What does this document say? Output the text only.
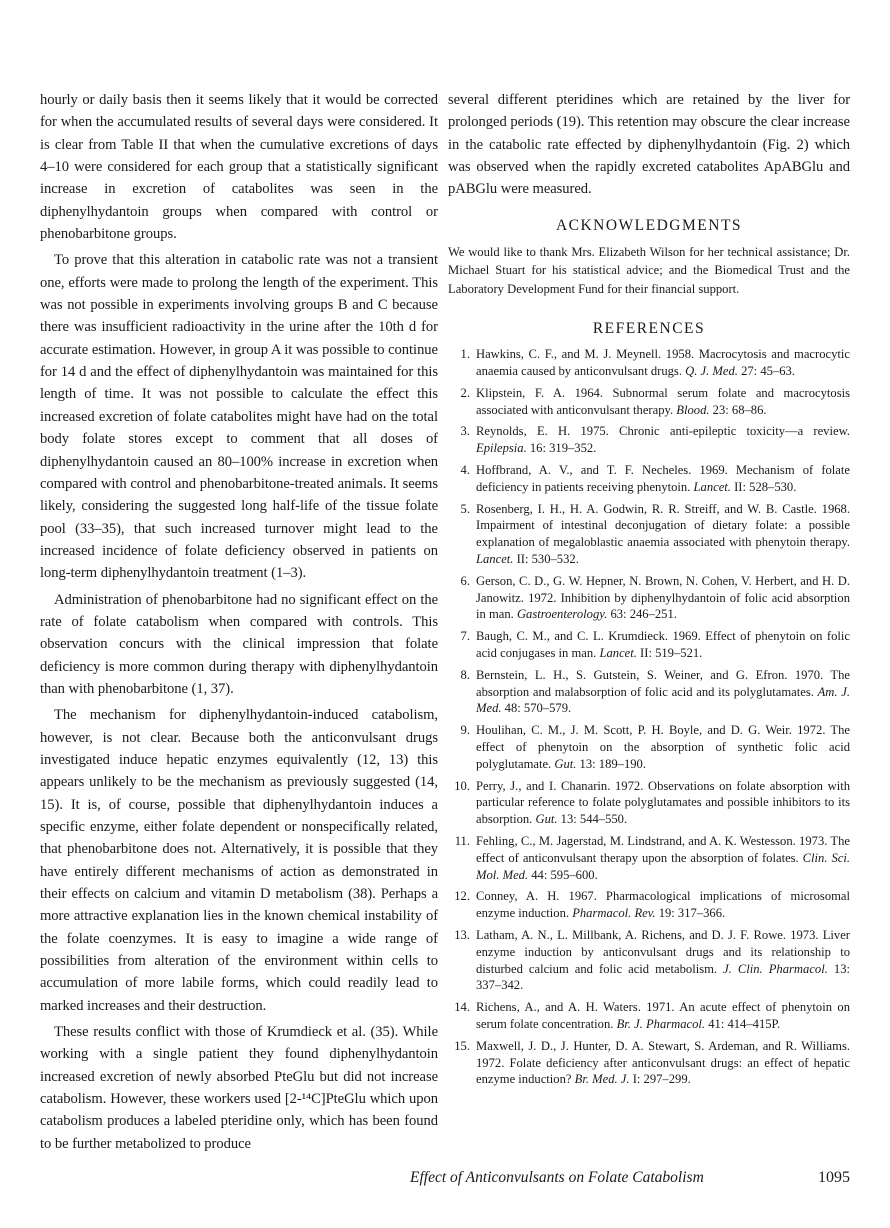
hourly or daily basis then it seems likely that it would be corrected for when the accumulated results of several days were considered. It is clear from Table II that when the cumulative excretions of days 4–10 were considered for each group that a statistically significant increase in excretion of catabolites was seen in the diphenylhydantoin groups when compared with control or phenobarbitone groups.

To prove that this alteration in catabolic rate was not a transient one, efforts were made to prolong the length of the experiment. This was not possible in experiments involving groups B and C because there was insufficient radioactivity in the urine after the 10th d for accurate estimation. However, in group A it was possible to continue for 14 d and the effect of diphenylhydantoin was maintained for this length of time. It was not possible to calculate the effect this increased excretion of folate catabolites might have had on the total body folate stores except to comment that all doses of diphenylhydantoin caused an 80–100% increase in excretion when compared with control and phenobarbitone-treated animals. It seems likely, considering the suggested long half-life of the tissue folate pool (33–35), that such increased turnover might lead to the increased incidence of folate deficiency observed in patients on long-term diphenylhydantoin treatment (1–3).

Administration of phenobarbitone had no significant effect on the rate of folate catabolism when compared with controls. This observation concurs with the clinical impression that folate deficiency is more common during therapy with diphenylhydantoin than with phenobarbitone (1, 37).

The mechanism for diphenylhydantoin-induced catabolism, however, is not clear. Because both the anticonvulsant drugs investigated induce hepatic enzymes equivalently (12, 13) this appears unlikely to be the mechanism as previously suggested (14, 15). It is, of course, possible that diphenylhydantoin induces a specific enzyme, either folate dependent or nonspecifically related, that phenobarbitone does not. Alternatively, it is possible that they have entirely different mechanisms of action as demonstrated in their effects on calcium and vitamin D metabolism (38). Perhaps a more attractive explanation lies in the known chemical instability of the folate coenzymes. It is easy to imagine a wide range of possibilities from alteration of the environment within cells to accumulation of more labile forms, which could readily lead to marked increases and their destruction.

These results conflict with those of Krumdieck et al. (35). While working with a single patient they found diphenylhydantoin increased excretion of newly absorbed PteGlu but did not increase catabolism. However, these workers used [2-¹⁴C]PteGlu which upon catabolism produces a labeled pteridine only, which has been found to be further metabolized to produce

several different pteridines which are retained by the liver for prolonged periods (19). This retention may obscure the clear increase in the catabolic rate effected by diphenylhydantoin (Fig. 2) which was observed when the rapidly excreted catabolites ApABGlu and pABGlu were measured.

ACKNOWLEDGMENTS

We would like to thank Mrs. Elizabeth Wilson for her technical assistance; Dr. Michael Stuart for his statistical advice; and the Biomedical Trust and the Laboratory Development Fund for their financial support.

REFERENCES
1. Hawkins, C. F., and M. J. Meynell. 1958. Macrocytosis and macrocytic anaemia caused by anticonvulsant drugs. Q. J. Med. 27: 45–63.
2. Klipstein, F. A. 1964. Subnormal serum folate and macrocytosis associated with anticonvulsant therapy. Blood. 23: 68–86.
3. Reynolds, E. H. 1975. Chronic anti-epileptic toxicity—a review. Epilepsia. 16: 319–352.
4. Hoffbrand, A. V., and T. F. Necheles. 1969. Mechanism of folate deficiency in patients receiving phenytoin. Lancet. II: 528–530.
5. Rosenberg, I. H., H. A. Godwin, R. R. Streiff, and W. B. Castle. 1968. Impairment of intestinal deconjugation of dietary folate: a possible explanation of megaloblastic anaemia associated with phenytoin therapy. Lancet. II: 530–532.
6. Gerson, C. D., G. W. Hepner, N. Brown, N. Cohen, V. Herbert, and H. D. Janowitz. 1972. Inhibition by diphenylhydantoin of folic acid absorption in man. Gastroenterology. 63: 246–251.
7. Baugh, C. M., and C. L. Krumdieck. 1969. Effect of phenytoin on folic acid conjugases in man. Lancet. II: 519–521.
8. Bernstein, L. H., S. Gutstein, S. Weiner, and G. Efron. 1970. The absorption and malabsorption of folic acid and its polyglutamates. Am. J. Med. 48: 570–579.
9. Houlihan, C. M., J. M. Scott, P. H. Boyle, and D. G. Weir. 1972. The effect of phenytoin on the absorption of synthetic folic acid polyglutamate. Gut. 13: 189–190.
10. Perry, J., and I. Chanarin. 1972. Observations on folate absorption with particular reference to folate polyglutamates and possible inhibitors to its absorption. Gut. 13: 544–550.
11. Fehling, C., M. Jagerstad, M. Lindstrand, and A. K. Westesson. 1973. The effect of anticonvulsant therapy upon the absorption of folates. Clin. Sci. Mol. Med. 44: 595–600.
12. Conney, A. H. 1967. Pharmacological implications of microsomal enzyme induction. Pharmacol. Rev. 19: 317–366.
13. Latham, A. N., L. Millbank, A. Richens, and D. J. F. Rowe. 1973. Liver enzyme induction by anticonvulsant drugs and its relationship to disturbed calcium and folic acid metabolism. J. Clin. Pharmacol. 13: 337–342.
14. Richens, A., and A. H. Waters. 1971. An acute effect of phenytoin on serum folate concentration. Br. J. Pharmacol. 41: 414–415P.
15. Maxwell, J. D., J. Hunter, D. A. Stewart, S. Ardeman, and R. Williams. 1972. Folate deficiency after anticonvulsant drugs: an effect of hepatic enzyme induction? Br. Med. J. I: 297–299.
Effect of Anticonvulsants on Folate Catabolism	1095
